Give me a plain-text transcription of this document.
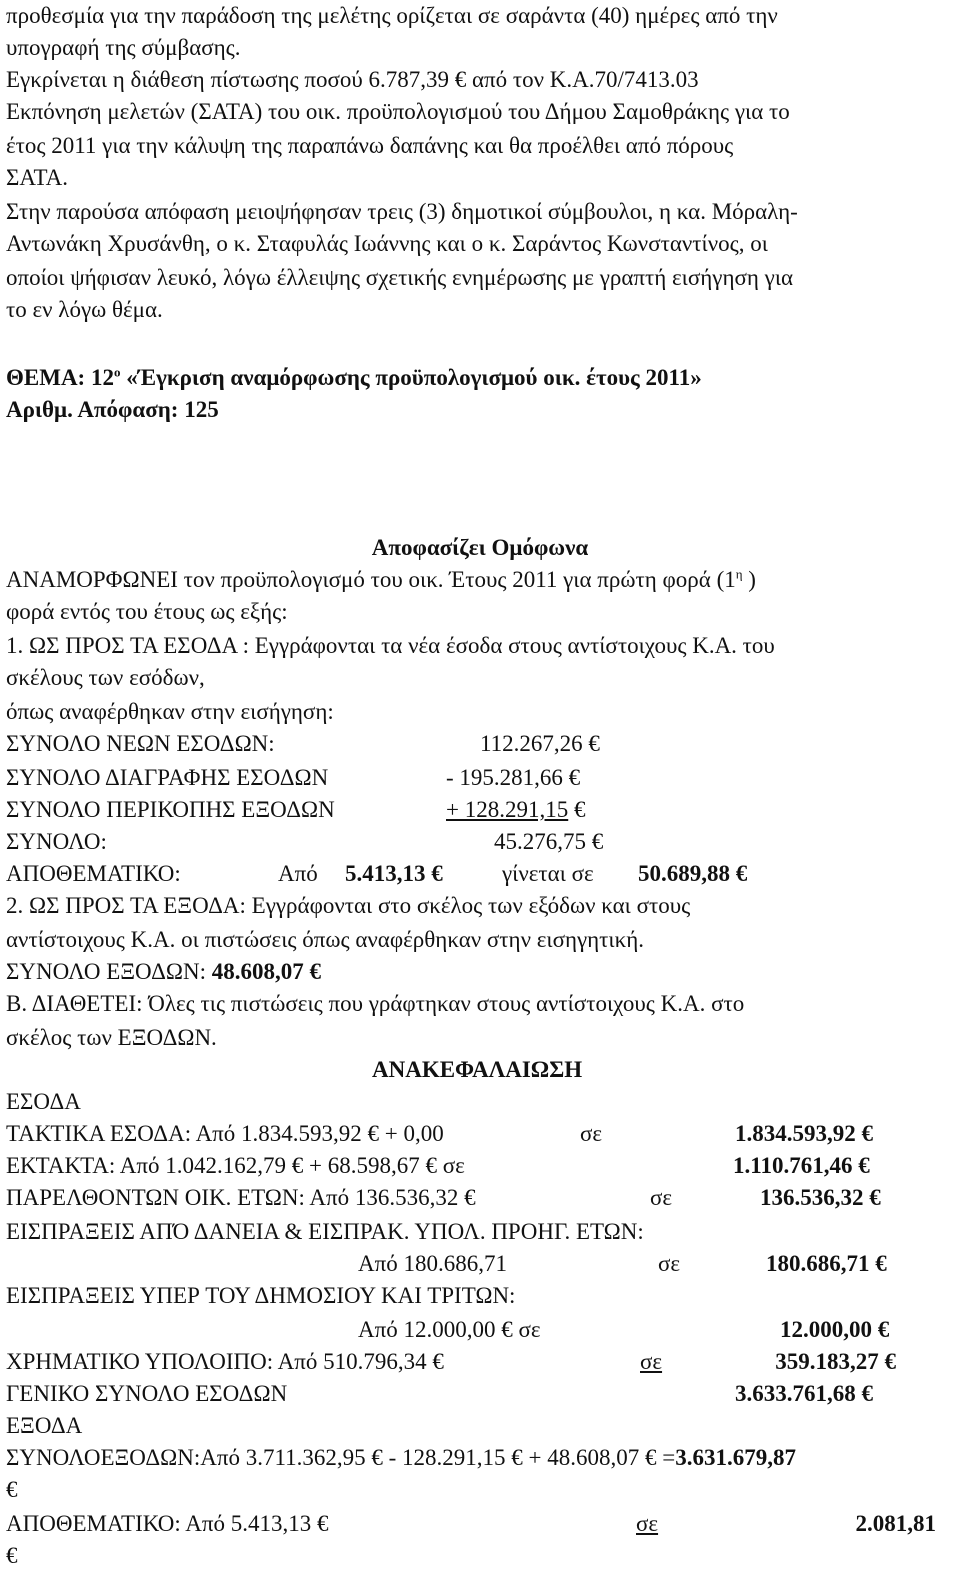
προθεσμία για την παράδοση της μελέτης ορίζεται σε σαράντα (40) ημέρες από την
υπογραφή της σύμβασης.
Εγκρίνεται η διάθεση πίστωσης ποσού 6.787,39 € από τον Κ.Α.70/7413.03
Εκπόνηση μελετών (ΣΑΤΑ) του οικ. προϋπολογισμού του Δήμου Σαμοθράκης για το
έτος 2011 για την κάλυψη της παραπάνω δαπάνης και θα προέλθει από πόρους
ΣΑΤΑ.
Στην παρούσα απόφαση μειοψήφησαν τρεις (3) δημοτικοί σύμβουλοι, η κα. Μόραλη-
Αντωνάκη Χρυσάνθη, ο κ. Σταφυλάς Ιωάννης και ο κ. Σαράντος Κωνσταντίνος, οι
οποίοι ψήφισαν λευκό, λόγω έλλειψης σχετικής ενημέρωσης με γραπτή εισήγηση για
το εν λόγω θέμα.
ΘΕΜΑ: $12^o$ «Έγκριση αναμόρφωσης προϋπολογισμού οικ. έτους 2011»
Αριθμ. Απόφαση: 125
Αποφασίζει Ομόφωνα
ΑΝΑΜΟΡΦΩΝΕΙ τον προϋπολογισμό του οικ. Έτους 2011 για πρώτη φορά ($1^\eta$ )
φορά εντός του έτους ως εξής:
1. ΩΣ ΠΡΟΣ ΤΑ ΕΣΟΔΑ : Εγγράφονται τα νέα έσοδα στους αντίστοιχους Κ.Α. του
σκέλους των εσόδων,
όπως αναφέρθηκαν στην εισήγηση:
ΣΥΝΟΛΟ ΝΕΩΝ ΕΣΟΔΩΝ:	112.267,26 €
ΣΥΝΟΛΟ ΔΙΑΓΡΑΦΗΣ ΕΣΟΔΩΝ	- 195.281,66 €
ΣΥΝΟΛΟ ΠΕΡΙΚΟΠΗΣ ΕΞΟΔΩΝ	+ 128.291,15 €
ΣΥΝΟΛΟ:	45.276,75 €
ΑΠΟΘΕΜΑΤΙΚΟ:	Από 5.413,13 €	γίνεται σε 50.689,88 €
2. ΩΣ ΠΡΟΣ ΤΑ ΕΞΟΔΑ: Εγγράφονται στο σκέλος των εξόδων και στους
αντίστοιχους Κ.Α. οι πιστώσεις όπως αναφέρθηκαν στην εισηγητική.
ΣΥΝΟΛΟ ΕΞΟΔΩΝ: 48.608,07 €
Β. ΔΙΑΘΕΤΕΙ: Όλες τις πιστώσεις που γράφτηκαν στους αντίστοιχους Κ.Α. στο
σκέλος των ΕΞΟΔΩΝ.
ΑΝΑΚΕΦΑΛΑΙΩΣΗ
ΕΣΟΔΑ
ΤΑΚΤΙΚΑ ΕΣΟΔΑ: Από 1.834.593,92 € + 0,00	σε	1.834.593,92 €
ΕΚΤΑΚΤΑ: Από 1.042.162,79 € + 68.598,67 € σε	1.110.761,46 €
ΠΑΡΕΛΘΟΝΤΩΝ ΟΙΚ. ΕΤΩΝ: Από 136.536,32 €	σε	136.536,32 €
ΕΙΣΠΡΑΞΕΙΣ ΑΠΌ ΔΑΝΕΙΑ & ΕΙΣΠΡΑΚ. ΥΠΟΛ. ΠΡΟΗΓ. ΕΤΩΝ:
Από 180.686,71	σε	180.686,71 €
ΕΙΣΠΡΑΞΕΙΣ ΥΠΕΡ ΤΟΥ ΔΗΜΟΣΙΟΥ ΚΑΙ ΤΡΙΤΩΝ:
Από 12.000,00 € σε	12.000,00 €
ΧΡΗΜΑΤΙΚΟ ΥΠΟΛΟΙΠΟ: Από 510.796,34 €	σε	359.183,27 €
ΓΕΝΙΚΟ ΣΥΝΟΛΟ ΕΣΟΔΩΝ	3.633.761,68 €
ΕΞΟΔΑ
ΣΥΝΟΛΟΕΞΟΔΩΝ:Από 3.711.362,95 € - 128.291,15 € + 48.608,07 € =3.631.679,87
€
ΑΠΟΘΕΜΑΤΙΚΟ: Από 5.413,13 €	σε	2.081,81
€
